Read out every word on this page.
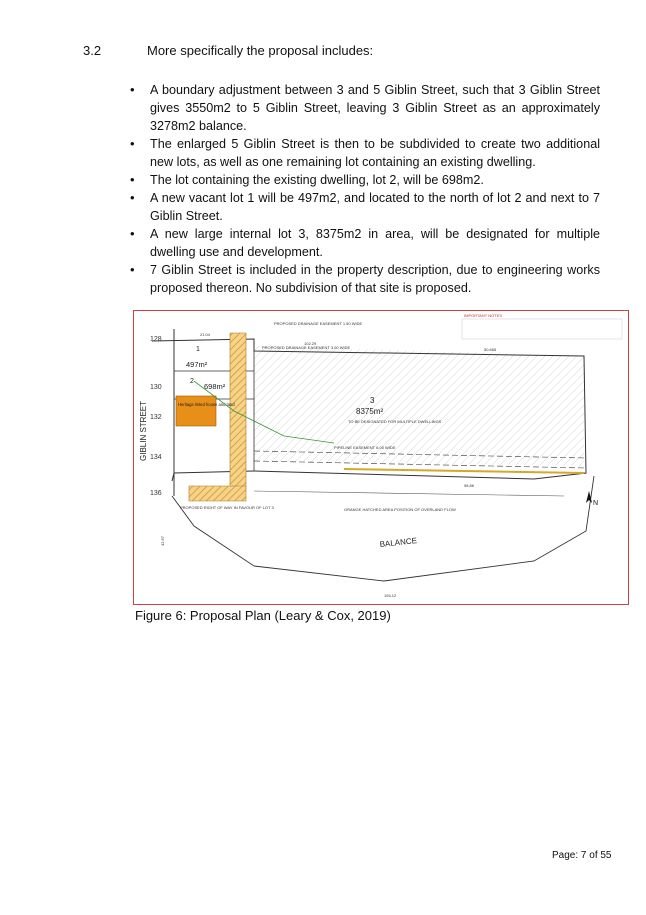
3.2	More specifically the proposal includes:
• A boundary adjustment between 3 and 5 Giblin Street, such that 3 Giblin Street gives 3550m2 to 5 Giblin Street, leaving 3 Giblin Street as an approximately 3278m2 balance.
• The enlarged 5 Giblin Street is then to be subdivided to create two additional new lots, as well as one remaining lot containing an existing dwelling.
• The lot containing the existing dwelling, lot 2, will be 698m2.
• A new vacant lot 1 will be 497m2, and located to the north of lot 2 and next to 7 Giblin Street.
• A new large internal lot 3, 8375m2 in area, will be designated for multiple dwelling use and development.
• 7 Giblin Street is included in the property description, due to engineering works proposed thereon. No subdivision of that site is proposed.
Heritage listed house and land
GIBLIN STREET
128
130
132
134
136
1
497m²
2
698m²
3
8375m²
TO BE DESIGNATED FOR MULTIPLE DWELLINGS
BALANCE
PROPOSED DRAINAGE EASEMENT 1.50 WIDE
PROPOSED DRAINAGE EASEMENT 3.00 WIDE
PROPOSED RIGHT OF WAY IN FAVOUR OF LOT 3
PIPELINE EASEMENT 6.00 WIDE
ORANGE HATCHED AREA POSITION OF OVERLAND FLOW
21.04
102.29
50.665
194.12
98.86
42.67
IMPORTANT NOTES
N
Figure 6: Proposal Plan (Leary & Cox, 2019)
Page: 7 of 55
